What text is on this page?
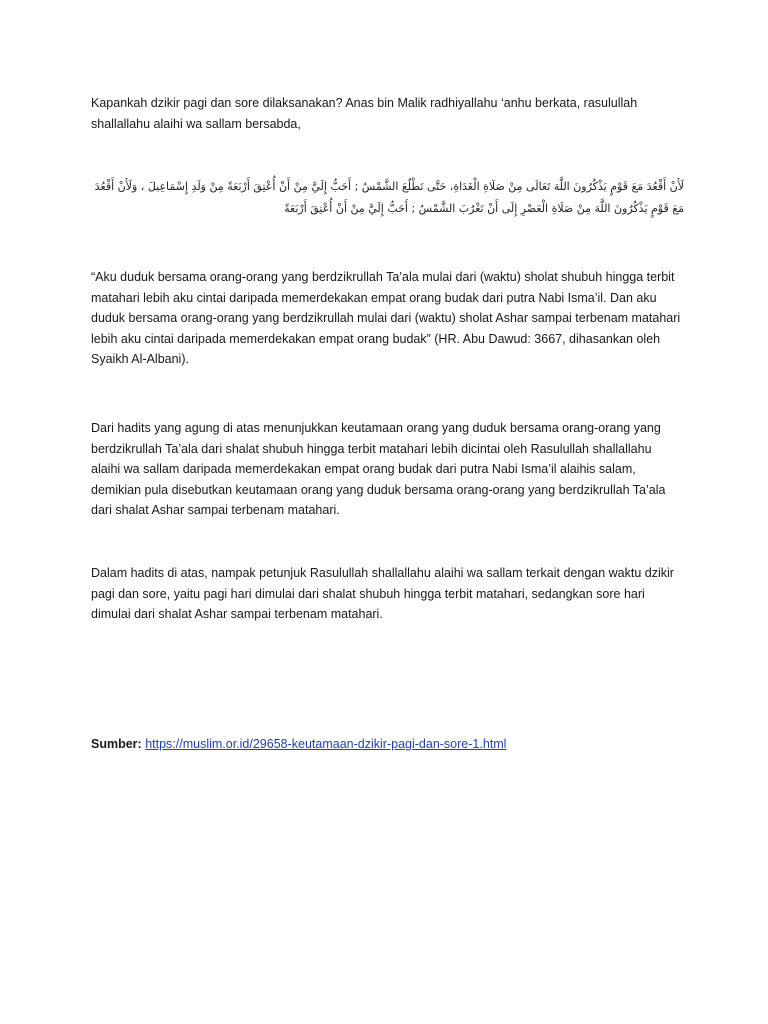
Kapankah dzikir pagi dan sore dilaksanakan? Anas bin Malik radhiyallahu ‘anhu berkata, rasulullah shallallahu alaihi wa sallam bersabda,

لَأَنْ أَقْعُدَ مَعَ قَوْمٍ يَذْكُرُونَ اللَّهَ تَعَالَى مِنْ صَلَاةِ الْغَدَاةِ، حَتَّى تَطْلُعَ الشَّمْسُ ; أَحَبُّ إِلَيَّ مِنْ أَنْ أُعْتِقَ أَرْبَعَةً مِنْ وَلَدِ إِسْمَاعِيلَ ، وَلَأَنْ أَقْعُدَ مَعَ قَوْمٍ يَذْكُرُونَ اللَّهَ مِنْ صَلَاةِ الْعَصْرِ إِلَى أَنْ تَغْرُبَ الشَّمْسُ ; أَحَبُّ إِلَيَّ مِنْ أَنْ أُعْتِقَ أَرْبَعَةً

“Aku duduk bersama orang-orang yang berdzikrullah Ta’ala mulai dari (waktu) sholat shubuh hingga terbit matahari lebih aku cintai daripada memerdekakan empat orang budak dari putra Nabi Isma’il. Dan aku duduk bersama orang-orang yang berdzikrullah mulai dari (waktu) sholat Ashar sampai terbenam matahari lebih aku cintai daripada memerdekakan empat orang budak” (HR. Abu Dawud: 3667, dihasankan oleh Syaikh Al-Albani).

Dari hadits yang agung di atas menunjukkan keutamaan orang yang duduk bersama orang-orang yang berdzikrullah Ta’ala dari shalat shubuh hingga terbit matahari lebih dicintai oleh Rasulullah shallallahu alaihi wa sallam daripada memerdekakan empat orang budak dari putra Nabi Isma’il alaihis salam, demikian pula disebutkan keutamaan orang yang duduk bersama orang-orang yang berdzikrullah Ta’ala dari shalat Ashar sampai terbenam matahari.

Dalam hadits di atas, nampak petunjuk Rasulullah shallallahu alaihi wa sallam terkait dengan waktu dzikir pagi dan sore, yaitu pagi hari dimulai dari shalat shubuh hingga terbit matahari, sedangkan sore hari dimulai dari shalat Ashar sampai terbenam matahari.

Sumber: https://muslim.or.id/29658-keutamaan-dzikir-pagi-dan-sore-1.html
